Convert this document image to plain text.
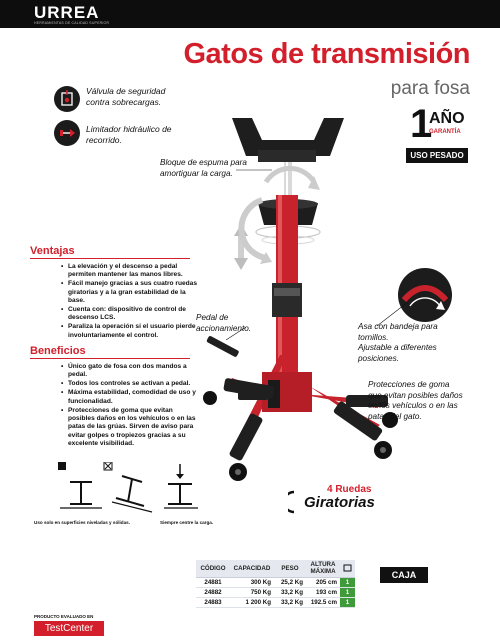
URREA
HERRAMIENTAS DE CALIDAD SUPERIOR
Gatos de transmisión
para fosa
Válvula de seguridad
contra sobrecargas.
Limitador hidráulico de
recorrido.	1
AÑO
GARANTÍA
USO PESADO
Bloque de espuma para
amortiguar la carga.
Pedal de
accionamiento.	Asa con bandeja para
tornillos.
Ajustable a diferentes
posiciones.
Protecciones de goma
que evitan posibles daños
en los vehículos o en las
patas del gato.
Ventajas
• La elevación y el descenso a pedal
permiten mantener las manos libres.
• Fácil manejo gracias a sus cuatro ruedas
giratorias y a la gran estabilidad de la
base.
• Cuenta con: dispositivo de control de
descenso LCS.
• Paraliza la operación si el usuario pierde
involuntariamente el control.
Beneficios
• Único gato de fosa con dos mandos a
pedal.
• Todos los controles se activan a pedal.
• Máxima estabilidad, comodidad de uso y
funcionalidad.
• Protecciones de goma que evitan
posibles daños en los vehículos o en las
patas de las grúas. Sirven de aviso para
evitar golpes o tropiezos gracias a su
excelente visibilidad.
Uso solo en superficies niveladas y sólidas.	Siempre centre la carga.
4 Ruedas
Giratorias
CÓDIGO	CAPACIDAD	PESO	ALTURA MÁXIMA	
24881	300 Kg	25,2 Kg	205 cm	1
24882	750 Kg	33,2 Kg	193 cm	1
24883	1 200 Kg	33,2 Kg	192.5 cm	1
CAJA
PRODUCTO EVALUADO EN
TestCenter
